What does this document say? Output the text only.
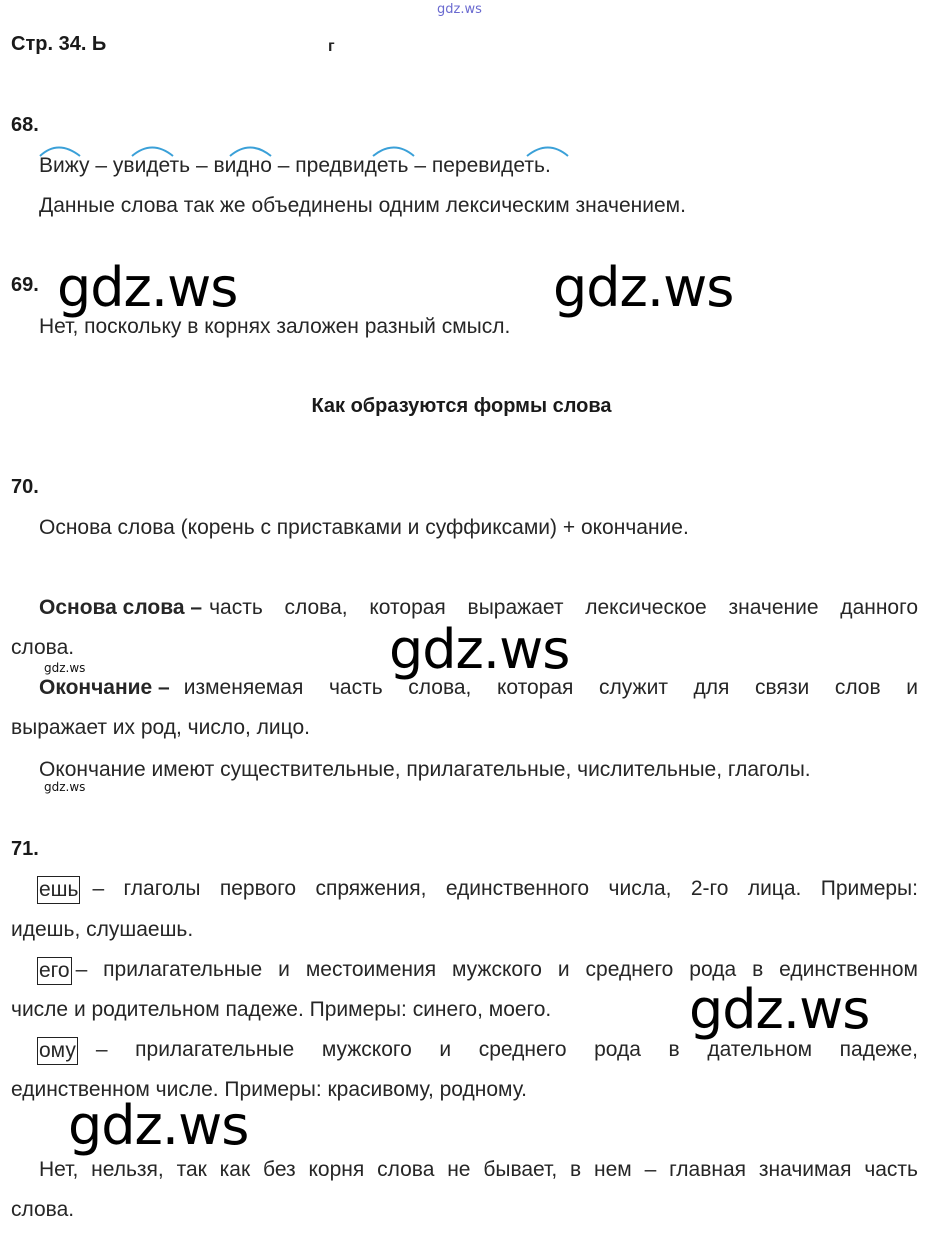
gdz.ws
Стр. 34. Ь	г
68.
Вижу – увидеть – видно – предвидеть – перевидеть.
Данные слова так же объединены одним лексическим значением.
69.
Нет, поскольку в корнях заложен разный смысл.
gdz.ws	gdz.ws
Как образуются формы слова
70.
Основа слова (корень с приставками и суффиксами) + окончание.
Основа слова – часть слова, которая выражает лексическое значение данного
слова.
gdz.ws	gdz.ws
Окончание – изменяемая часть слова, которая служит для связи слов и
выражает их род, число, лицо.
Окончание имеют существительные, прилагательные, числительные, глаголы.
gdz.ws
71.
ешь – глаголы первого спряжения, единственного числа, 2-го лица. Примеры:
идешь, слушаешь.
его – прилагательные и местоимения мужского и среднего рода в единственном
числе и родительном падеже. Примеры: синего, моего.	gdz.ws
ому – прилагательные мужского и среднего рода в дательном падеже,
единственном числе. Примеры: красивому, родному.
gdz.ws
Нет, нельзя, так как без корня слова не бывает, в нем – главная значимая часть
слова.
